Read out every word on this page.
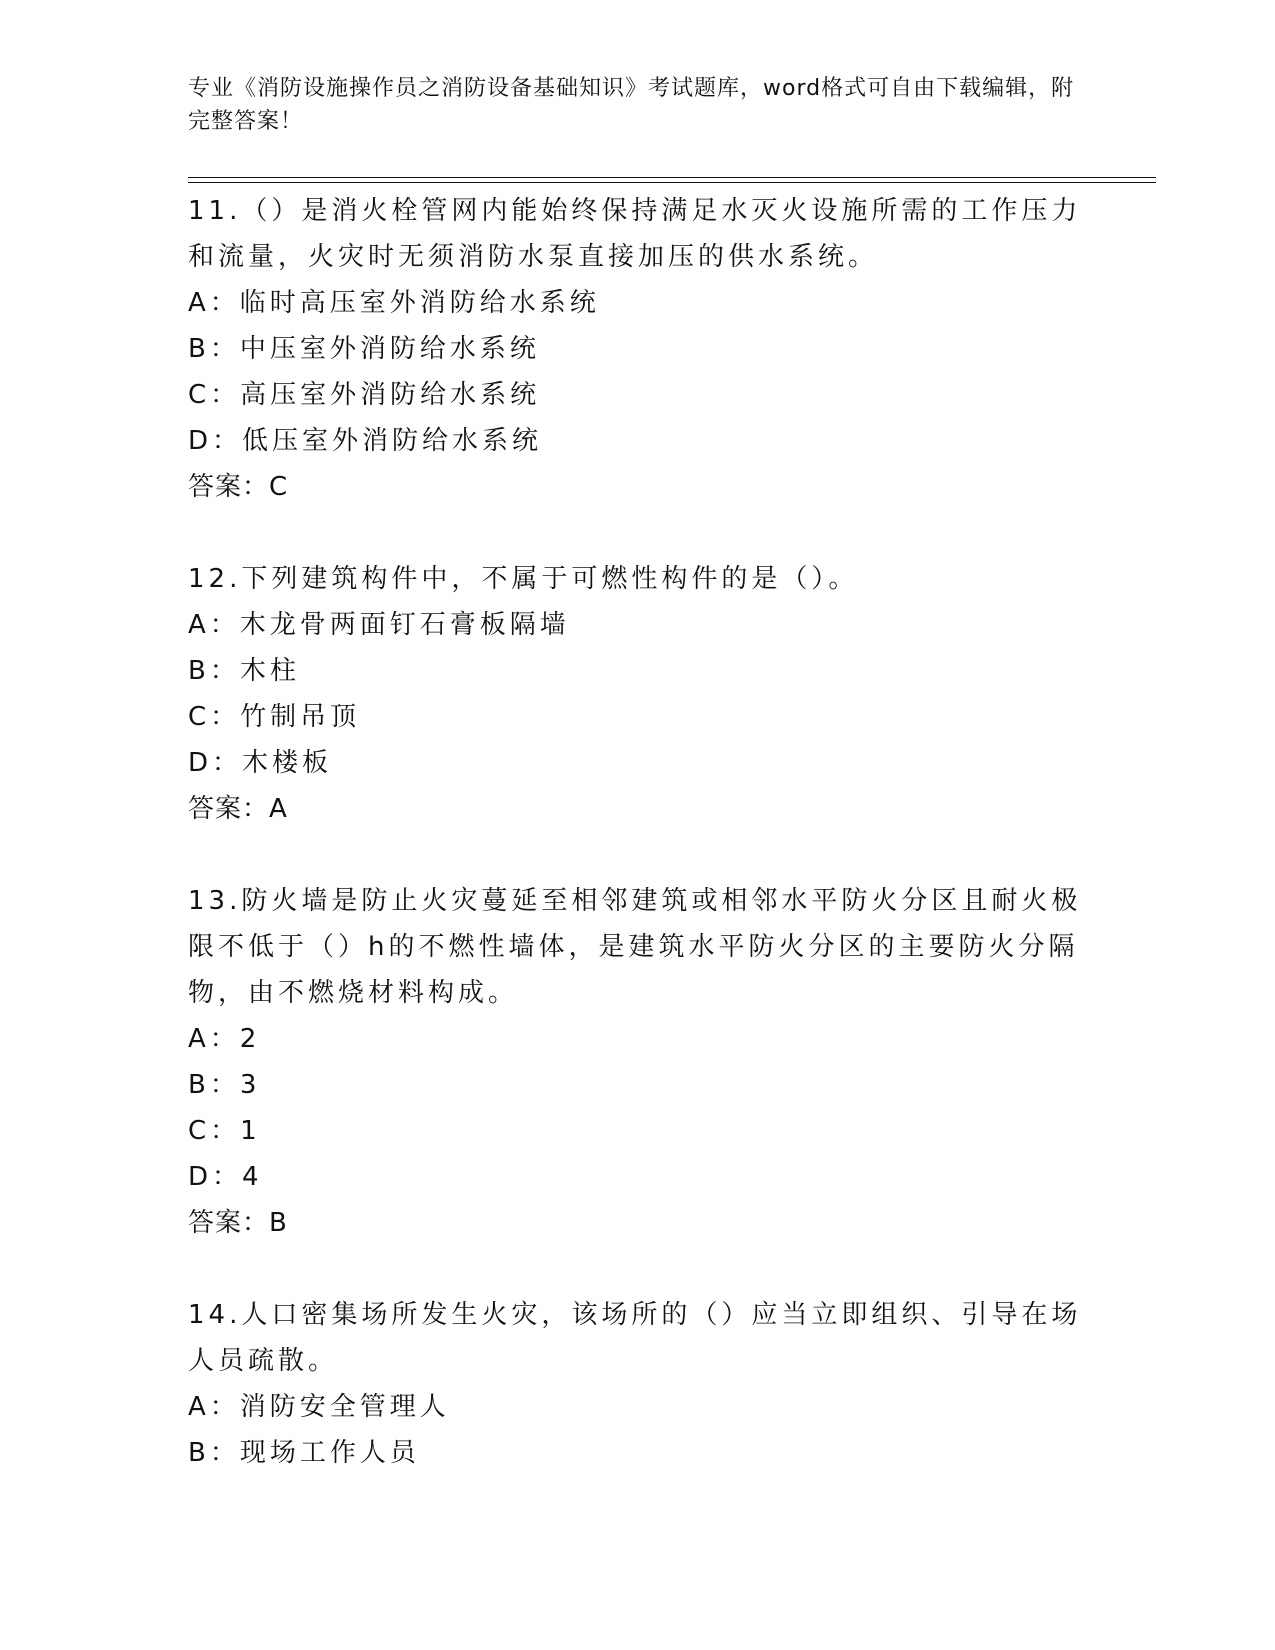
专业《消防设施操作员之消防设备基础知识》考试题库，word格式可自由下载编辑，附完整答案！

11.（）是消火栓管网内能始终保持满足水灭火设施所需的工作压力和流量，火灾时无须消防水泵直接加压的供水系统。

A：临时高压室外消防给水系统

B：中压室外消防给水系统

C：高压室外消防给水系统

D：低压室外消防给水系统

答案：C

12.下列建筑构件中，不属于可燃性构件的是（）。

A：木龙骨两面钉石膏板隔墙

B：木柱

C：竹制吊顶

D：木楼板

答案：A

13.防火墙是防止火灾蔓延至相邻建筑或相邻水平防火分区且耐火极限不低于（）h的不燃性墙体，是建筑水平防火分区的主要防火分隔物，由不燃烧材料构成。

A：2

B：3

C：1

D：4

答案：B

14.人口密集场所发生火灾，该场所的（）应当立即组织、引导在场人员疏散。

A：消防安全管理人

B：现场工作人员
